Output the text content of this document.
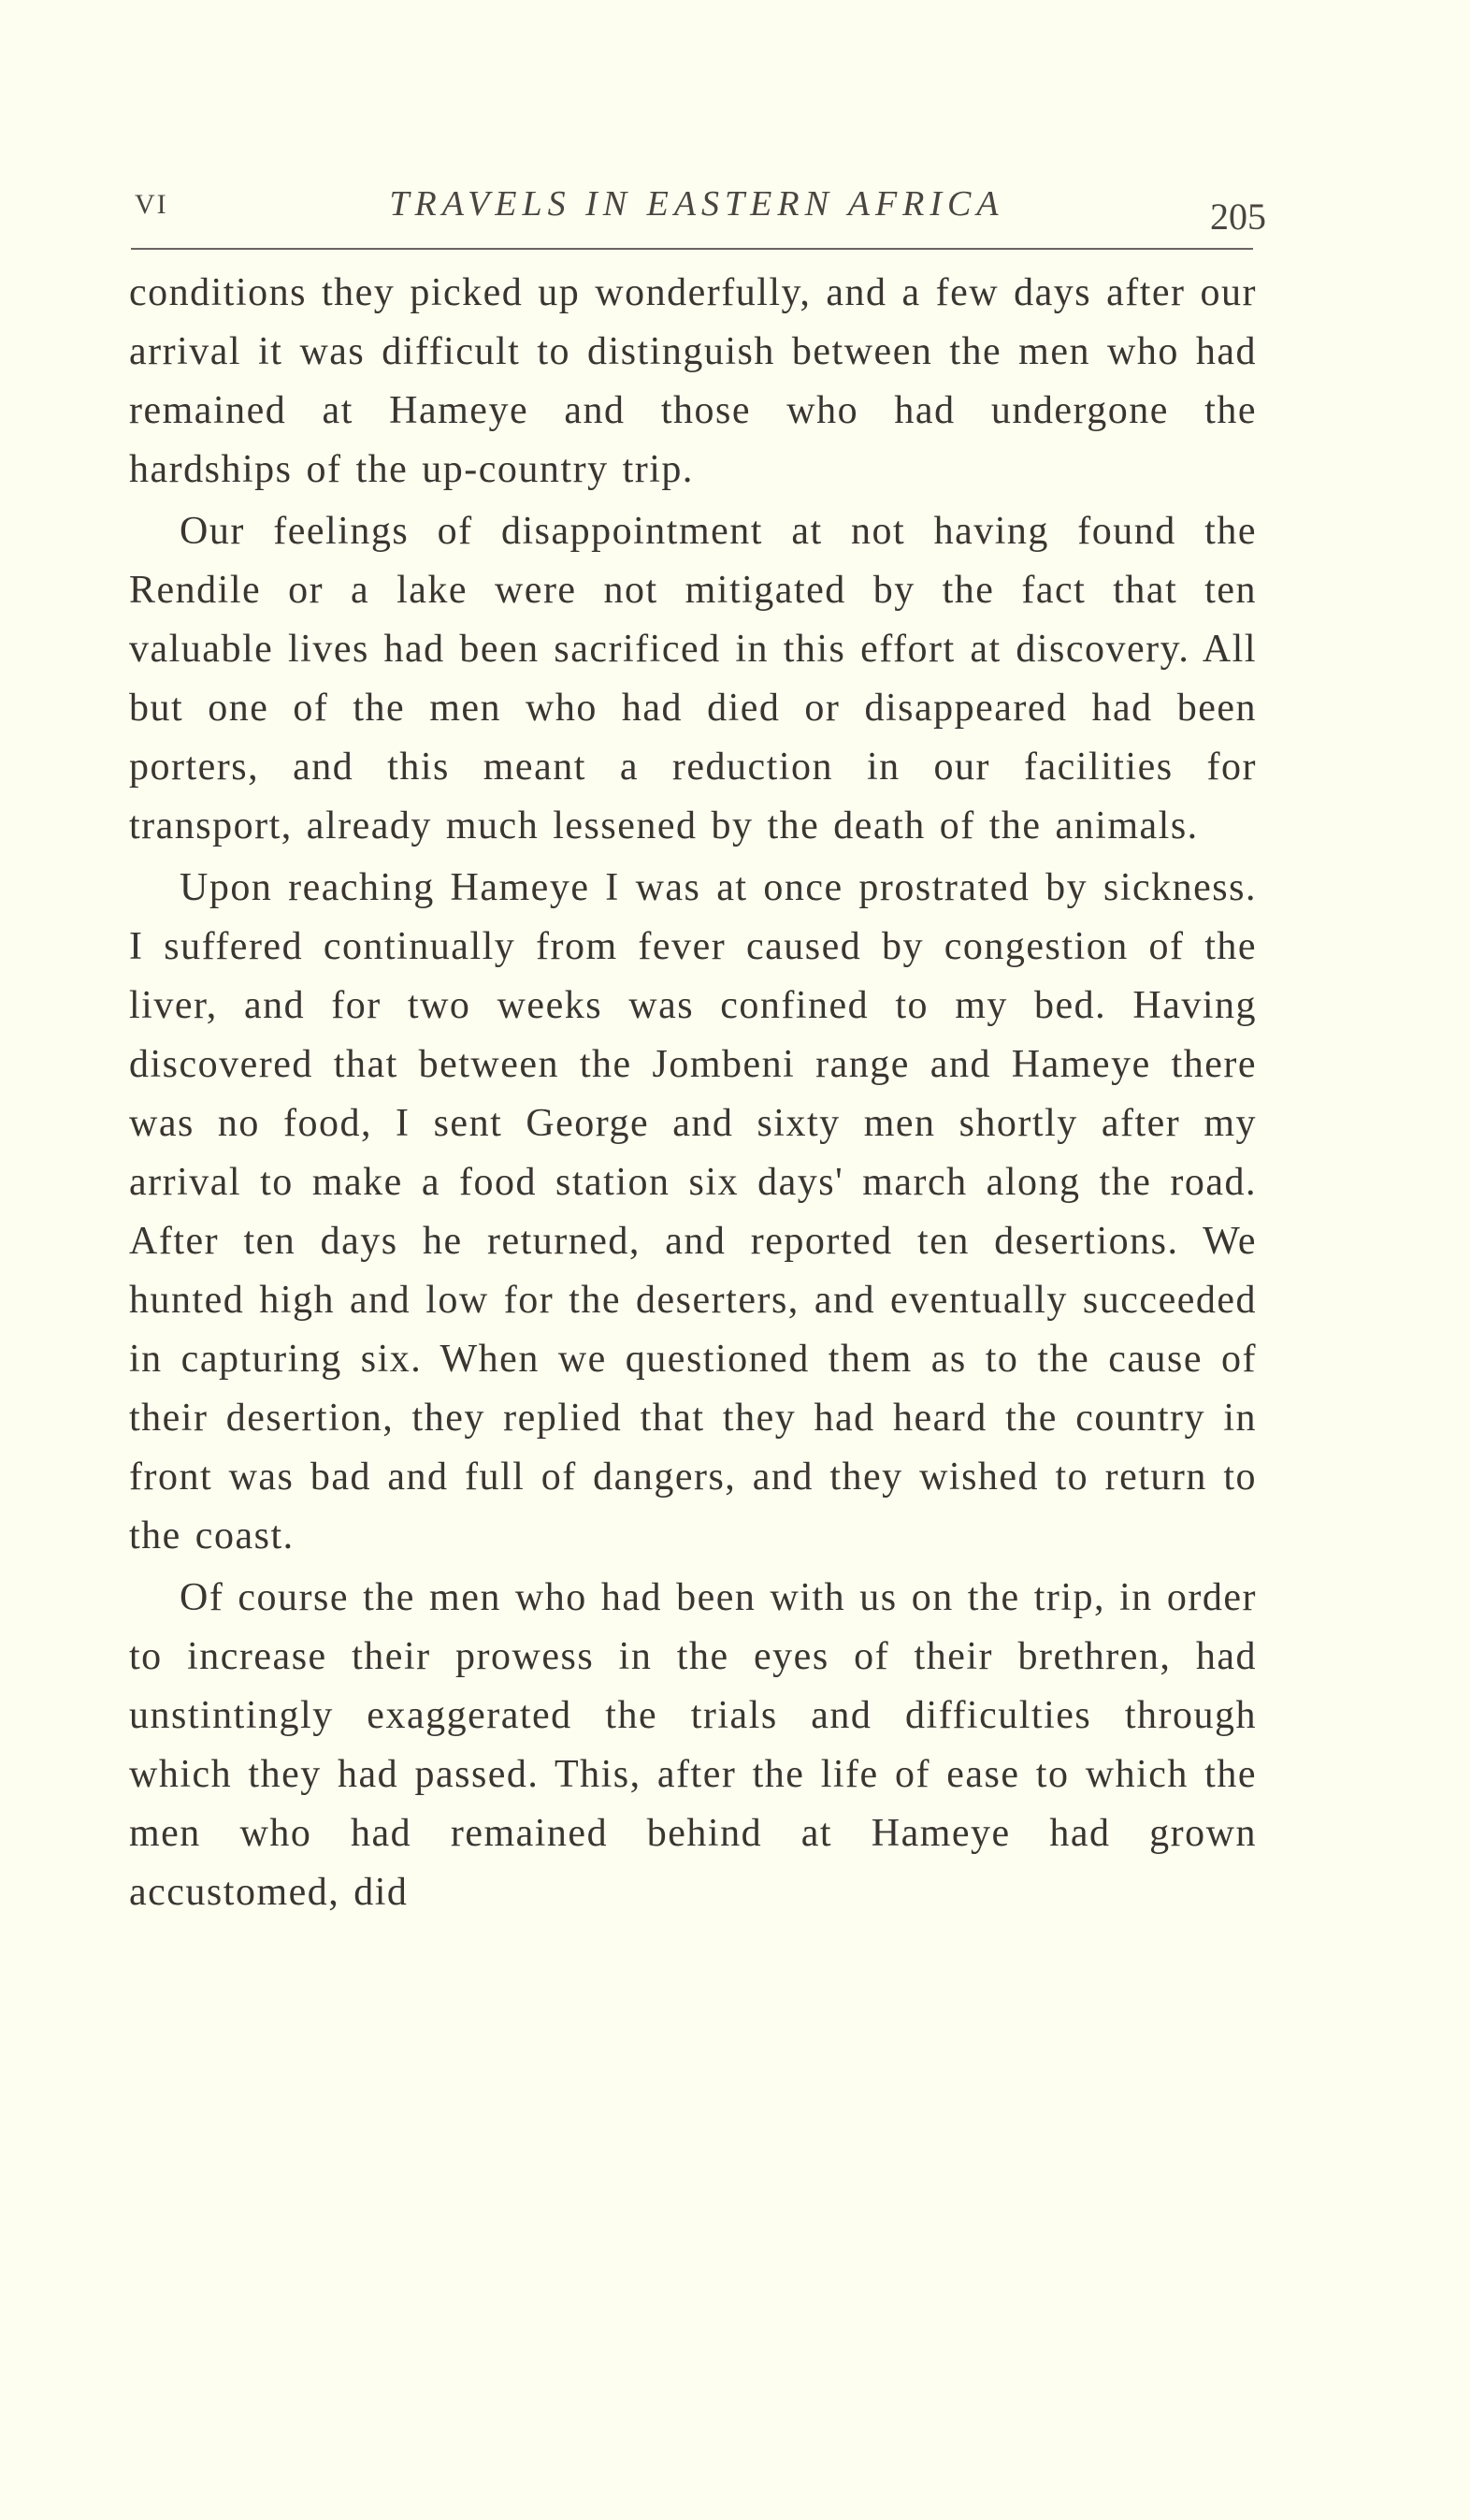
VI	TRAVELS IN EASTERN AFRICA	205

conditions they picked up wonderfully, and a few days after our arrival it was difficult to distinguish between the men who had remained at Hameye and those who had undergone the hardships of the up-country trip.

Our feelings of disappointment at not having found the Rendile or a lake were not mitigated by the fact that ten valuable lives had been sacrificed in this effort at discovery. All but one of the men who had died or disappeared had been porters, and this meant a reduction in our facilities for transport, already much lessened by the death of the animals.

Upon reaching Hameye I was at once prostrated by sickness. I suffered continually from fever caused by congestion of the liver, and for two weeks was confined to my bed. Having discovered that between the Jombeni range and Hameye there was no food, I sent George and sixty men shortly after my arrival to make a food station six days' march along the road. After ten days he returned, and reported ten desertions. We hunted high and low for the deserters, and eventually succeeded in capturing six. When we questioned them as to the cause of their desertion, they replied that they had heard the country in front was bad and full of dangers, and they wished to return to the coast.

Of course the men who had been with us on the trip, in order to increase their prowess in the eyes of their brethren, had unstintingly exaggerated the trials and difficulties through which they had passed. This, after the life of ease to which the men who had remained behind at Hameye had grown accustomed, did
